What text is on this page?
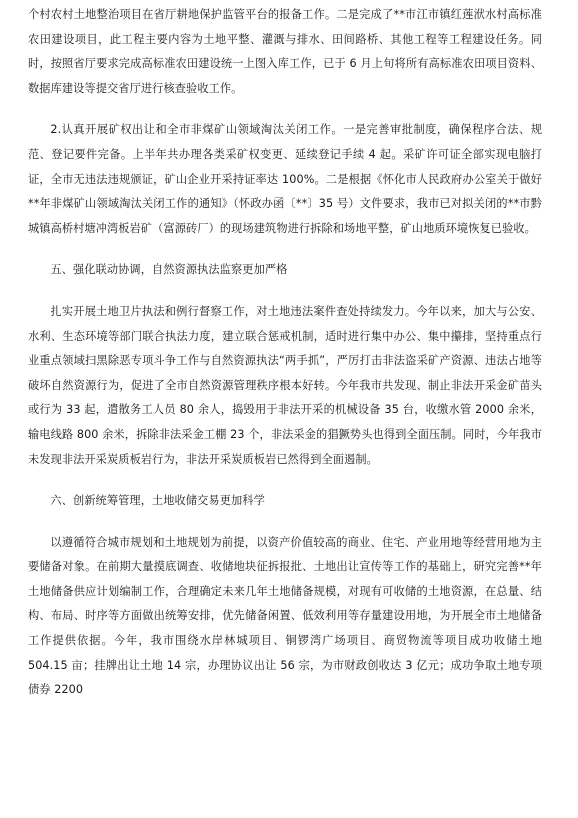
个村农村土地整治项目在省厅耕地保护监管平台的报备工作。二是完成了**市江市镇红莲洑水村高标准农田建设项目，此工程主要内容为土地平整、灌溉与排水、田间路桥、其他工程等工程建设任务。同时，按照省厅要求完成高标准农田建设统一上图入库工作，已于 6 月上旬将所有高标准农田项目资料、数据库建设等提交省厅进行核查验收工作。

2.认真开展矿权出让和全市非煤矿山领域淘汰关闭工作。一是完善审批制度，确保程序合法、规范、登记要件完备。上半年共办理各类采矿权变更、延续登记手续 4 起。采矿许可证全部实现电脑打证，全市无违法违规颁证，矿山企业开采持证率达 100%。二是根据《怀化市人民政府办公室关于做好**年非煤矿山领域淘汰关闭工作的通知》（怀政办函〔**〕35 号）文件要求，我市已对拟关闭的**市黔城镇高桥村塘冲湾板岩矿（富源砖厂）的现场建筑物进行拆除和场地平整，矿山地质环境恢复已验收。

五、强化联动协调，自然资源执法监察更加严格

扎实开展土地卫片执法和例行督察工作，对土地违法案件查处持续发力。今年以来，加大与公安、水利、生态环境等部门联合执法力度，建立联合惩戒机制，适时进行集中办公、集中攥排，坚持重点行业重点领域扫黑除恶专项斗争工作与自然资源执法“两手抓”，严厉打击非法盗采矿产资源、违法占地等破坏自然资源行为，促进了全市自然资源管理秩序根本好转。今年我市共发现、制止非法开采金矿苗头或行为 33 起，遣散务工人员 80 余人，捣毁用于非法开采的机械设备 35 台，收缴水管 2000 余米，输电线路 800 余米，拆除非法采金工棚 23 个，非法采金的猖獗势头也得到全面压制。同时，今年我市未发现非法开采炭质板岩行为，非法开采炭质板岩已然得到全面遏制。

六、创新统筹管理，土地收储交易更加科学

以遵循符合城市规划和土地规划为前提，以资产价值较高的商业、住宅、产业用地等经营用地为主要储备对象。在前期大量摸底调查、收储地块征拆报批、土地出让宣传等工作的基础上，研究完善**年土地储备供应计划编制工作，合理确定未来几年土地储备规模，对现有可收储的土地资源，在总量、结构、布局、时序等方面做出统筹安排，优先储备闲置、低效利用等存量建设用地，为开展全市土地储备工作提供依据。今年，我市围绕水岸林城项目、铜锣湾广场项目、商贸物流等项目成功收储土地 504.15 亩；挂牌出让土地 14 宗，办理协议出让 56 宗，为市财政创收达 3 亿元；成功争取土地专项债券 2200
